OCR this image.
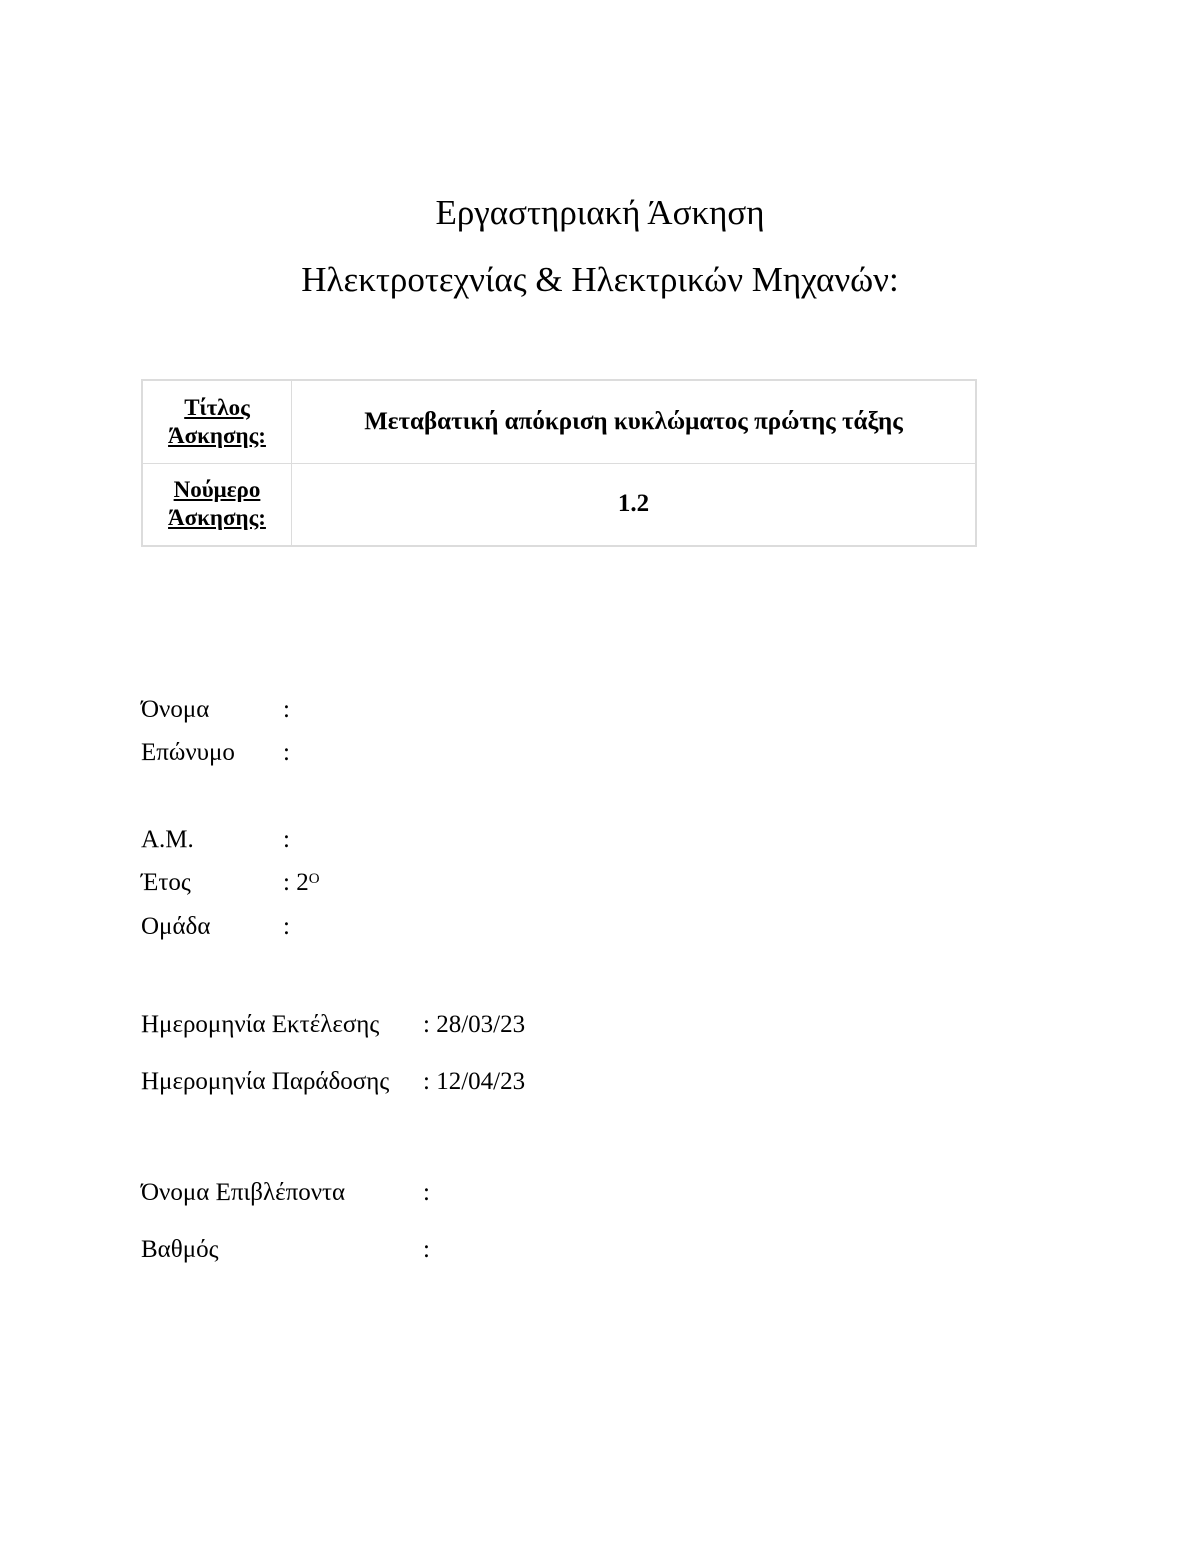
Εργαστηριακή Άσκηση
Ηλεκτροτεχνίας & Ηλεκτρικών Μηχανών:
Τίτλος
Άσκησης:	Μεταβατική απόκριση κυκλώματος πρώτης τάξης

Νούμερο
Άσκησης:	1.2
Όνομα	:
Επώνυμο :
Α.Μ.	:
Έτος	: $2^O$
Ομάδα	:
Ημερομηνία Εκτέλεσης : 28/03/23
Ημερομηνία Παράδοσης : 12/04/23
Όνομα Επιβλέποντα	:
Βαθμός	:
